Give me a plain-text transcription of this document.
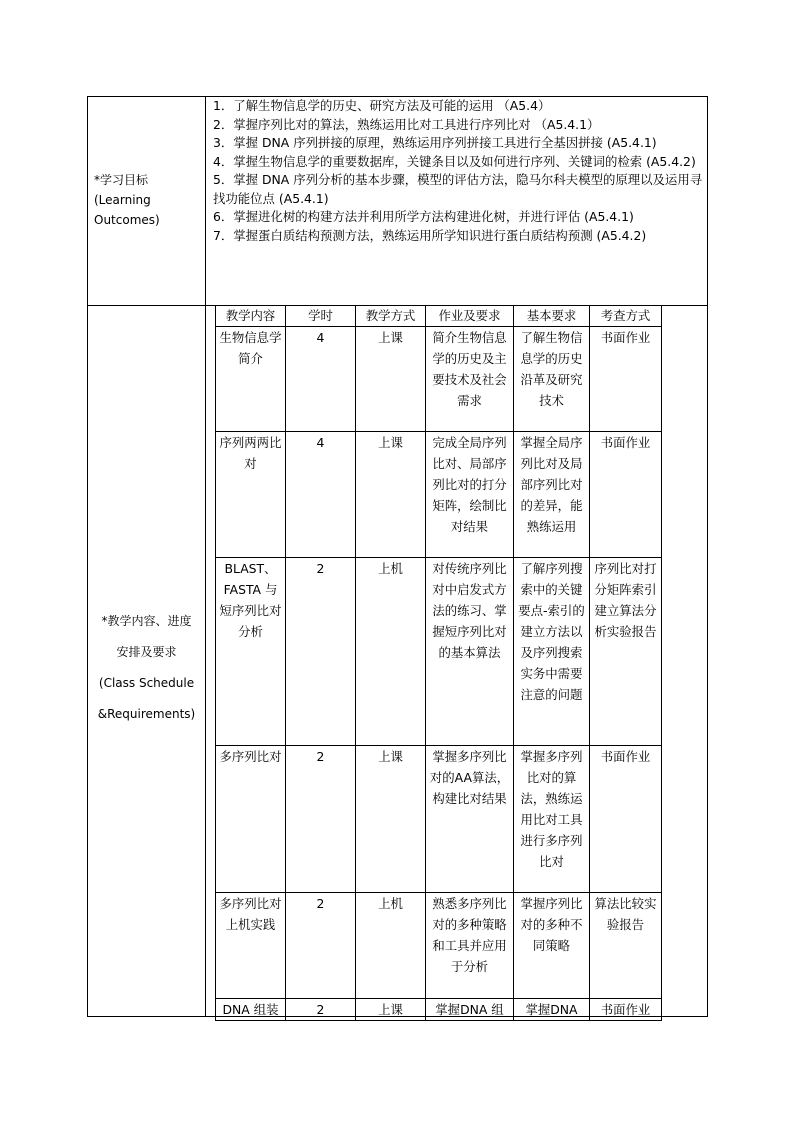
*学习目标
(Learning
Outcomes)
1．了解生物信息学的历史、研究方法及可能的运用 （A5.4）
2．掌握序列比对的算法，熟练运用比对工具进行序列比对 （A5.4.1）
3．掌握 DNA 序列拼接的原理，熟练运用序列拼接工具进行全基因拼接 (A5.4.1)
4．掌握生物信息学的重要数据库，关键条目以及如何进行序列、关键词的检索 (A5.4.2)
5．掌握 DNA 序列分析的基本步骤，模型的评估方法，隐马尔科夫模型的原理以及运用寻找功能位点 (A5.4.1)
6．掌握进化树的构建方法并利用所学方法构建进化树，并进行评估 (A5.4.1)
7．掌握蛋白质结构预测方法，熟练运用所学知识进行蛋白质结构预测 (A5.4.2)
*教学内容、进度
安排及要求
(Class Schedule
&Requirements)
教学内容	学时	教学方式	作业及要求	基本要求	考查方式
生物信息学简介	4	上课	简介生物信息学的历史及主要技术及社会需求	了解生物信息学的历史沿革及研究技术	书面作业
序列两两比对	4	上课	完成全局序列比对、局部序列比对的打分矩阵，绘制比对结果	掌握全局序列比对及局部序列比对的差异，能熟练运用	书面作业
BLAST、FASTA 与短序列比对分析	2	上机	对传统序列比对中启发式方法的练习、掌握短序列比对的基本算法	了解序列搜索中的关键要点-索引的建立方法以及序列搜索实务中需要注意的问题	序列比对打分矩阵索引建立算法分析实验报告
多序列比对	2	上课	掌握多序列比对的AA算法，构建比对结果	掌握多序列比对的算法，熟练运用比对工具进行多序列比对	书面作业
多序列比对上机实践	2	上机	熟悉多序列比对的多种策略和工具并应用于分析	掌握序列比对的多种不同策略	算法比较实验报告
DNA 组装	2	上课	掌握DNA 组	掌握DNA	书面作业
